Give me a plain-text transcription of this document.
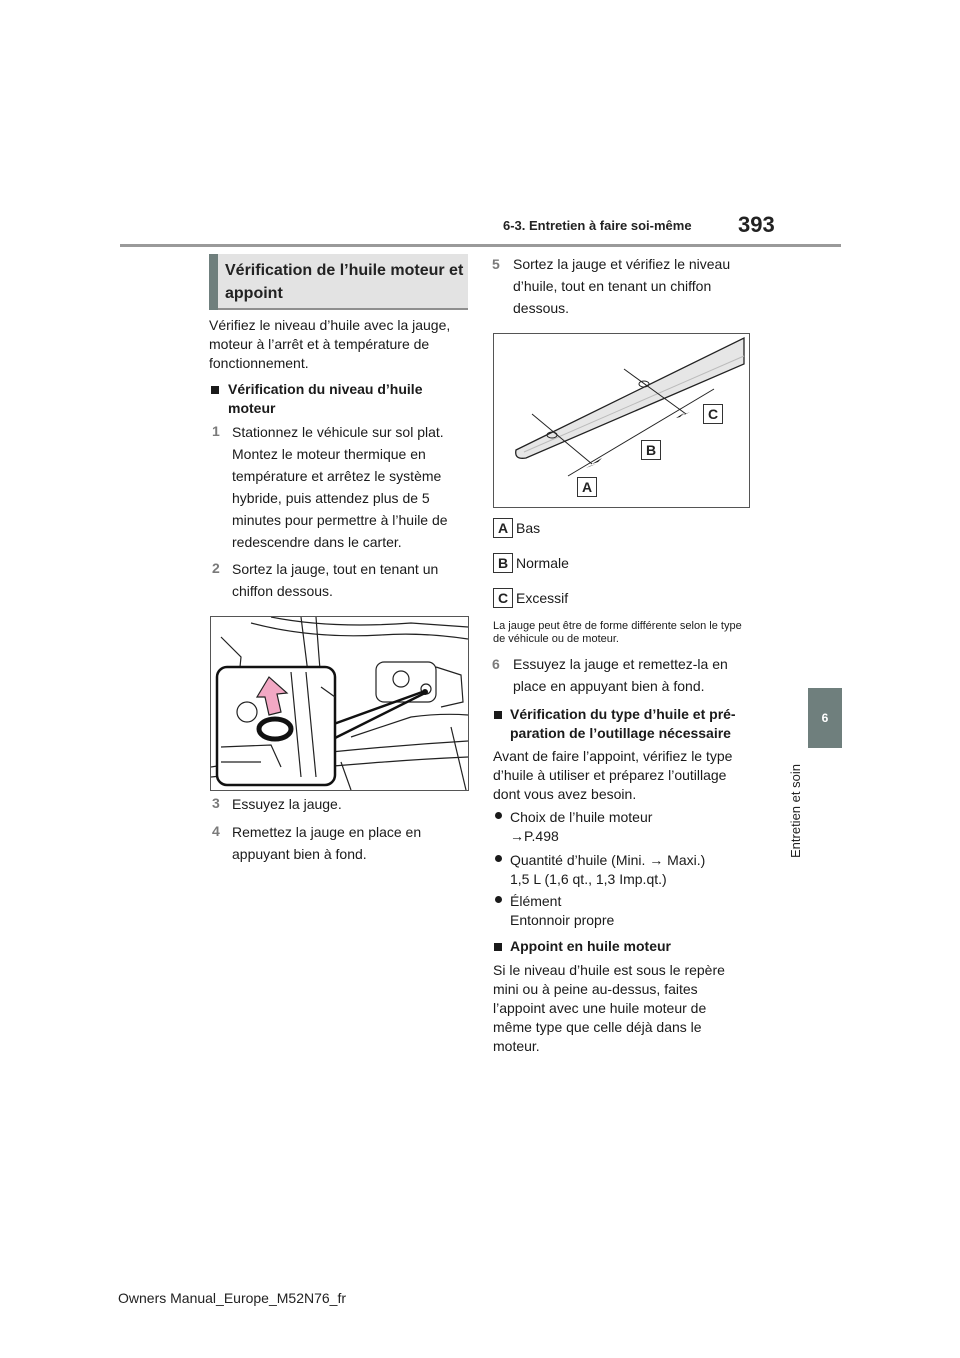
6-3. Entretien à faire soi-même 393
6
Entretien et soin
Vérification de l’huile moteur et appoint
Vérifiez le niveau d’huile avec la jauge, moteur à l’arrêt et à température de fonctionnement.
Vérification du niveau d’huile moteur
1 Stationnez le véhicule sur sol plat. Montez le moteur thermique en température et arrêtez le système hybride, puis attendez plus de 5 minutes pour permettre à l’huile de redescendre dans le carter.
2 Sortez la jauge, tout en tenant un chiffon dessous.
3 Essuyez la jauge.
4 Remettez la jauge en place en appuyant bien à fond.
5 Sortez la jauge et vérifiez le niveau d’huile, tout en tenant un chiffon dessous.
A
B
C
A Bas
B Normale
C Excessif
La jauge peut être de forme différente selon le type de véhicule ou de moteur.
6 Essuyez la jauge et remettez-la en place en appuyant bien à fond.
Vérification du type d’huile et pré-paration de l’outillage nécessaire
Avant de faire l’appoint, vérifiez le type d’huile à utiliser et préparez l’outillage dont vous avez besoin.
Choix de l’huile moteur
→P.498
Quantité d’huile (Mini. → Maxi.)
1,5 L (1,6 qt., 1,3 Imp.qt.)
Élément
Entonnoir propre
Appoint en huile moteur
Si le niveau d’huile est sous le repère mini ou à peine au-dessus, faites l’appoint avec une huile moteur de même type que celle déjà dans le moteur.
Owners Manual_Europe_M52N76_fr
